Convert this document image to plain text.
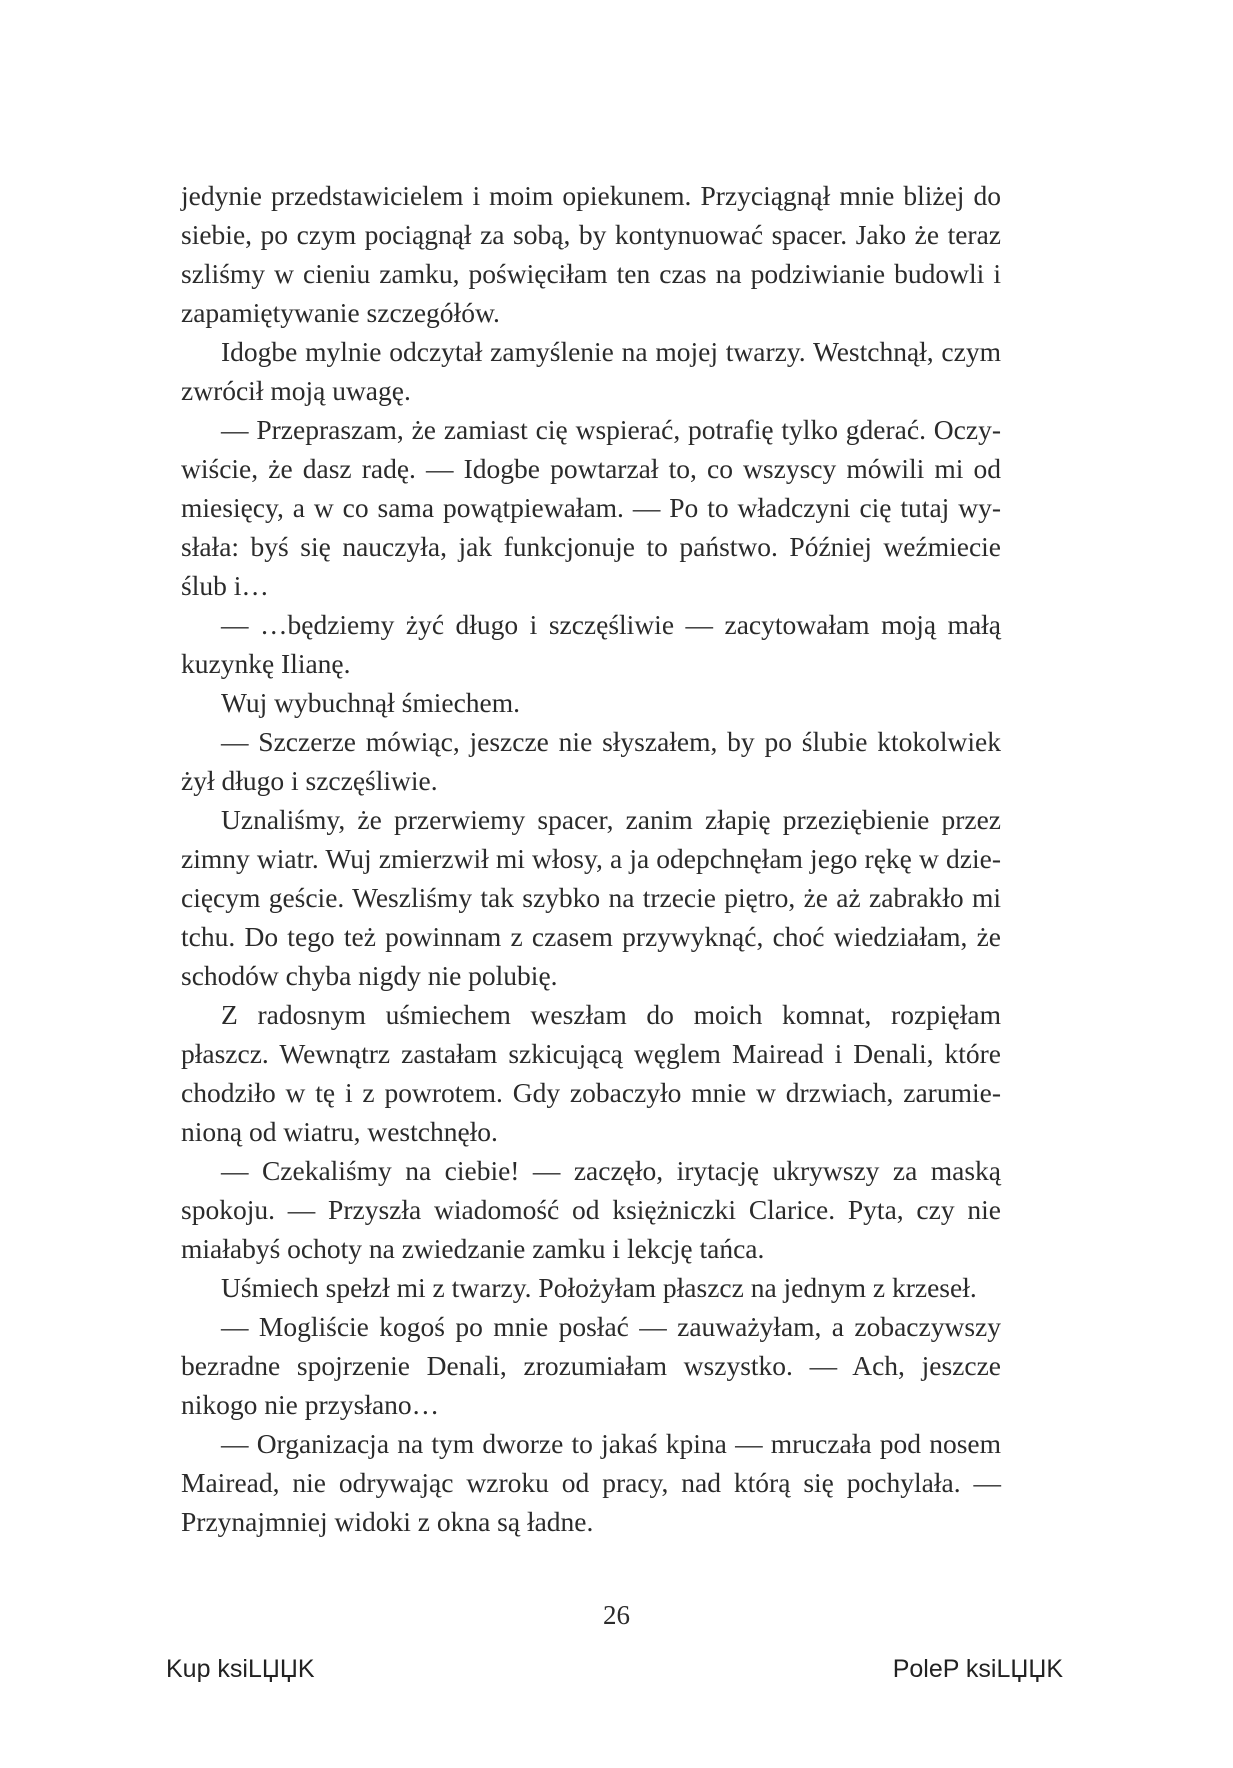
jedynie przedstawicielem i moim opiekunem. Przyciągnął mnie bliżej do siebie, po czym pociągnął za sobą, by kontynuować spacer. Jako że teraz szliśmy w cieniu zamku, poświęciłam ten czas na podziwianie budowli i zapamiętywanie szczegółów.

Idogbe mylnie odczytał zamyślenie na mojej twarzy. Westchnął, czym zwrócił moją uwagę.

— Przepraszam, że zamiast cię wspierać, potrafię tylko gderać. Oczywiście, że dasz radę. — Idogbe powtarzał to, co wszyscy mówili mi od miesięcy, a w co sama powątpiewałam. — Po to władczyni cię tutaj wysłała: byś się nauczyła, jak funkcjonuje to państwo. Później weźmiecie ślub i…

— …będziemy żyć długo i szczęśliwie — zacytowałam moją małą kuzynkę Ilianę.

Wuj wybuchnął śmiechem.

— Szczerze mówiąc, jeszcze nie słyszałem, by po ślubie ktokolwiek żył długo i szczęśliwie.

Uznaliśmy, że przerwiemy spacer, zanim złapię przeziębienie przez zimny wiatr. Wuj zmierzwił mi włosy, a ja odepchnęłam jego rękę w dziecięcym geście. Weszliśmy tak szybko na trzecie piętro, że aż zabrakło mi tchu. Do tego też powinnam z czasem przywyknąć, choć wiedziałam, że schodów chyba nigdy nie polubię.

Z radosnym uśmiechem weszłam do moich komnat, rozpięłam płaszcz. Wewnątrz zastałam szkicującą węglem Mairead i Denali, które chodziło w tę i z powrotem. Gdy zobaczyło mnie w drzwiach, zarumienioną od wiatru, westchnęło.

— Czekaliśmy na ciebie! — zaczęło, irytację ukrywszy za maską spokoju. — Przyszła wiadomość od księżniczki Clarice. Pyta, czy nie miałabyś ochoty na zwiedzanie zamku i lekcję tańca.

Uśmiech spełzł mi z twarzy. Położyłam płaszcz na jednym z krzeseł.

— Mogliście kogoś po mnie posłać — zauważyłam, a zobaczywszy bezradne spojrzenie Denali, zrozumiałam wszystko. — Ach, jeszcze nikogo nie przysłano…

— Organizacja na tym dworze to jakaś kpina — mruczała pod nosem Mairead, nie odrywając wzroku od pracy, nad którą się pochylała. — Przynajmniej widoki z okna są ładne.

26
Kup ksiLЏЏK	PoleP ksiLЏЏK
